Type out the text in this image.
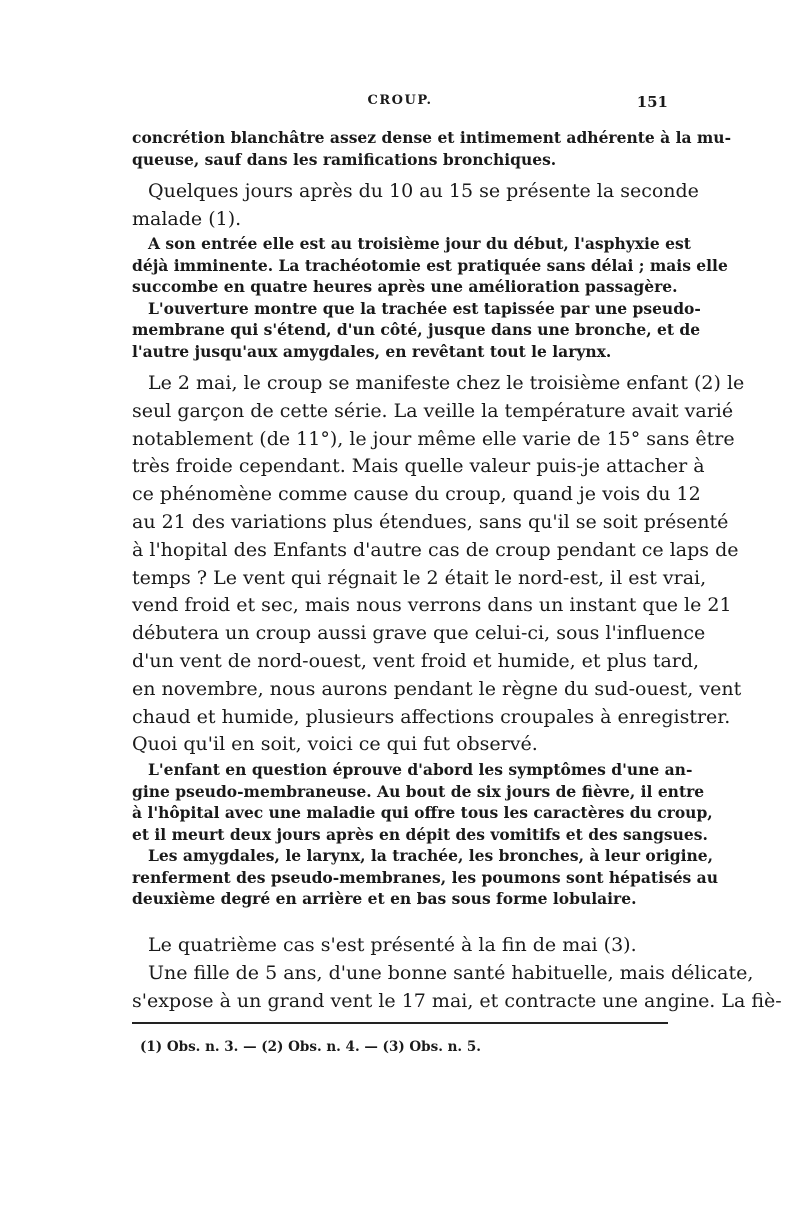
CROUP.	151
concrétion blanchâtre assez dense et intimement adhérente à la mu-
queuse, sauf dans les ramifications bronchiques.
Quelques jours après du 10 au 15 se présente la seconde
malade (1).
A son entrée elle est au troisième jour du début, l'asphyxie est
déjà imminente. La trachéotomie est pratiquée sans délai ; mais elle
succombe en quatre heures après une amélioration passagère.
L'ouverture montre que la trachée est tapissée par une pseudo-
membrane qui s'étend, d'un côté, jusque dans une bronche, et de
l'autre jusqu'aux amygdales, en revêtant tout le larynx.
Le 2 mai, le croup se manifeste chez le troisième enfant (2) le
seul garçon de cette série. La veille la température avait varié
notablement (de 11°), le jour même elle varie de 15° sans être
très froide cependant. Mais quelle valeur puis-je attacher à
ce phénomène comme cause du croup, quand je vois du 12
au 21 des variations plus étendues, sans qu'il se soit présenté
à l'hopital des Enfants d'autre cas de croup pendant ce laps de
temps ? Le vent qui régnait le 2 était le nord-est, il est vrai,
vend froid et sec, mais nous verrons dans un instant que le 21
débutera un croup aussi grave que celui-ci, sous l'influence
d'un vent de nord-ouest, vent froid et humide, et plus tard,
en novembre, nous aurons pendant le règne du sud-ouest, vent
chaud et humide, plusieurs affections croupales à enregistrer.
Quoi qu'il en soit, voici ce qui fut observé.
L'enfant en question éprouve d'abord les symptômes d'une an-
gine pseudo-membraneuse. Au bout de six jours de fièvre, il entre
à l'hôpital avec une maladie qui offre tous les caractères du croup,
et il meurt deux jours après en dépit des vomitifs et des sangsues.
Les amygdales, le larynx, la trachée, les bronches, à leur origine,
renferment des pseudo-membranes, les poumons sont hépatisés au
deuxième degré en arrière et en bas sous forme lobulaire.
Le quatrième cas s'est présenté à la fin de mai (3).
Une fille de 5 ans, d'une bonne santé habituelle, mais délicate,
s'expose à un grand vent le 17 mai, et contracte une angine. La fiè-
(1) Obs. n. 3. — (2) Obs. n. 4. — (3) Obs. n. 5.
